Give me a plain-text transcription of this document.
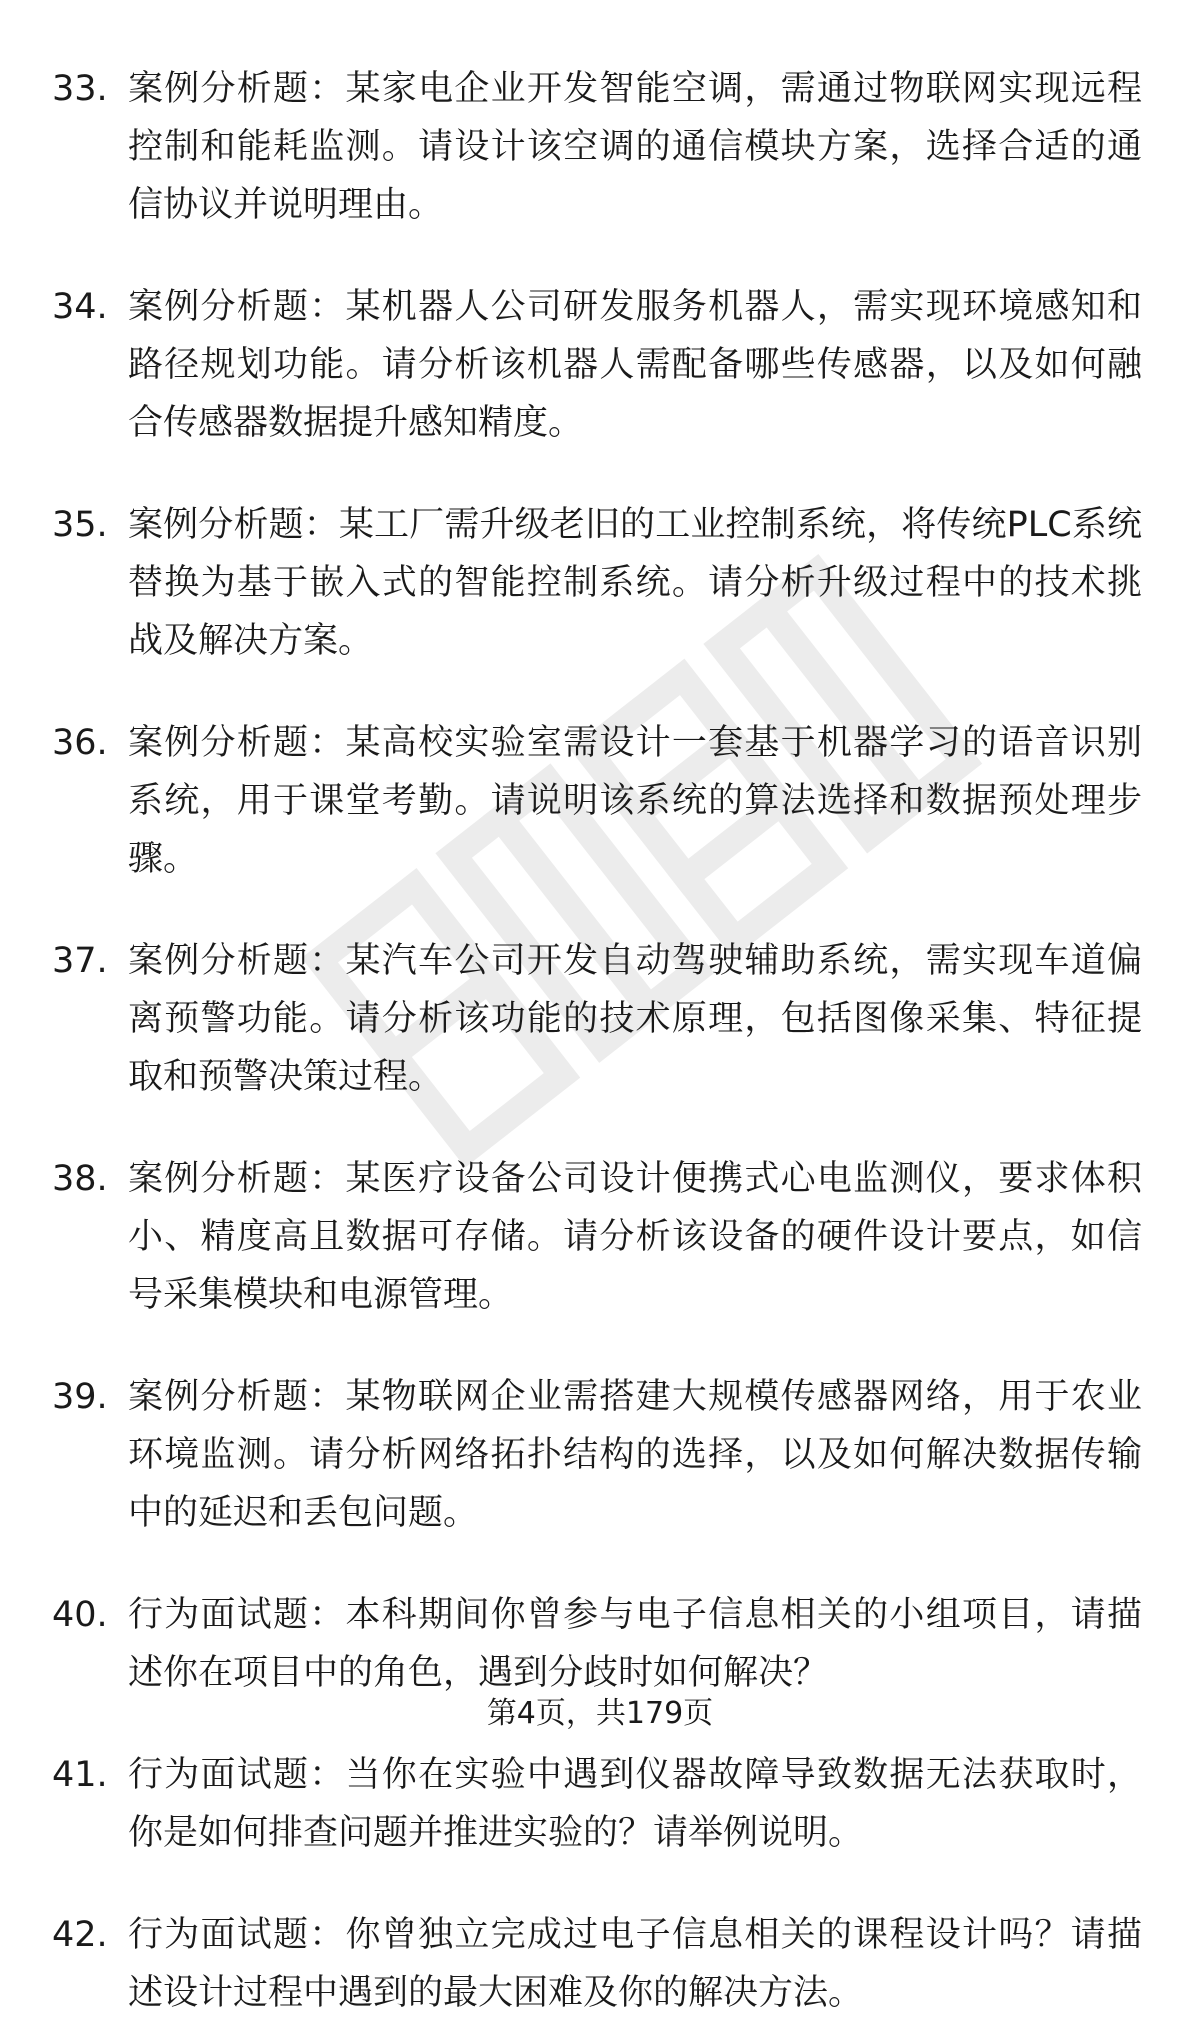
33. 案例分析题：某家电企业开发智能空调，需通过物联网实现远程控制和能耗监测。请设计该空调的通信模块方案，选择合适的通信协议并说明理由。
34. 案例分析题：某机器人公司研发服务机器人，需实现环境感知和路径规划功能。请分析该机器人需配备哪些传感器，以及如何融合传感器数据提升感知精度。
35. 案例分析题：某工厂需升级老旧的工业控制系统，将传统PLC系统替换为基于嵌入式的智能控制系统。请分析升级过程中的技术挑战及解决方案。
36. 案例分析题：某高校实验室需设计一套基于机器学习的语音识别系统，用于课堂考勤。请说明该系统的算法选择和数据预处理步骤。
37. 案例分析题：某汽车公司开发自动驾驶辅助系统，需实现车道偏离预警功能。请分析该功能的技术原理，包括图像采集、特征提取和预警决策过程。
38. 案例分析题：某医疗设备公司设计便携式心电监测仪，要求体积小、精度高且数据可存储。请分析该设备的硬件设计要点，如信号采集模块和电源管理。
39. 案例分析题：某物联网企业需搭建大规模传感器网络，用于农业环境监测。请分析网络拓扑结构的选择，以及如何解决数据传输中的延迟和丢包问题。
40. 行为面试题：本科期间你曾参与电子信息相关的小组项目，请描述你在项目中的角色，遇到分歧时如何解决？
41. 行为面试题：当你在实验中遇到仪器故障导致数据无法获取时，你是如何排查问题并推进实验的？请举例说明。
42. 行为面试题：你曾独立完成过电子信息相关的课程设计吗？请描述设计过程中遇到的最大困难及你的解决方法。
第4页，共179页
